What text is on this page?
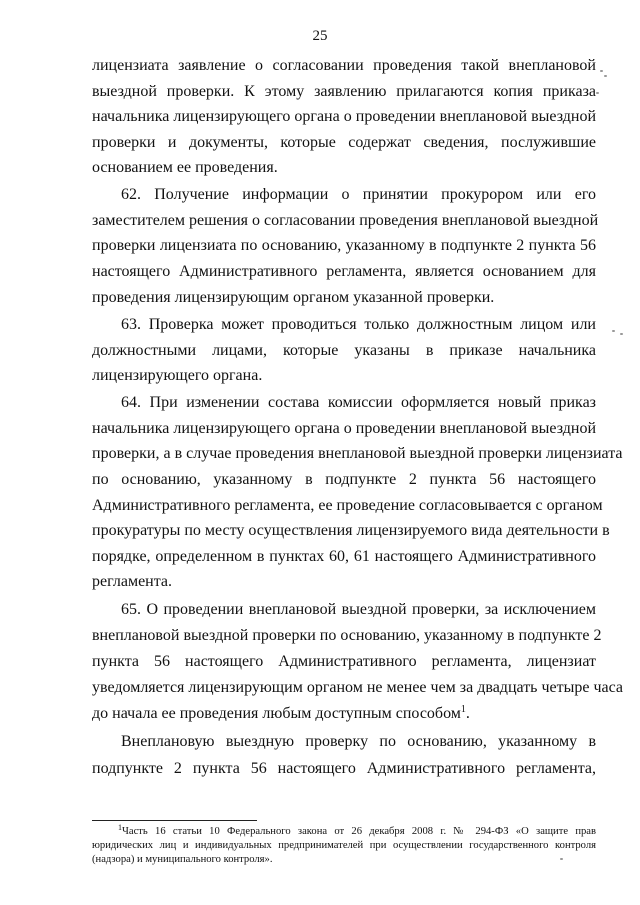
25
лицензиата заявление о согласовании проведения такой внеплановой
выездной проверки. К этому заявлению прилагаются копия приказа
начальника лицензирующего органа о проведении внеплановой выездной
проверки и документы, которые содержат сведения, послужившие
основанием ее проведения.
62. Получение информации о принятии прокурором или его
заместителем решения о согласовании проведения внеплановой выездной
проверки лицензиата по основанию, указанному в подпункте 2 пункта 56
настоящего Административного регламента, является основанием для
проведения лицензирующим органом указанной проверки.
63. Проверка может проводиться только должностным лицом или
должностными лицами, которые указаны в приказе начальника
лицензирующего органа.
64. При изменении состава комиссии оформляется новый приказ
начальника лицензирующего органа о проведении внеплановой выездной
проверки, а в случае проведения внеплановой выездной проверки лицензиата
по основанию, указанному в подпункте 2 пункта 56 настоящего
Административного регламента, ее проведение согласовывается с органом
прокуратуры по месту осуществления лицензируемого вида деятельности в
порядке, определенном в пунктах 60, 61 настоящего Административного
регламента.
65. О проведении внеплановой выездной проверки, за исключением
внеплановой выездной проверки по основанию, указанному в подпункте 2
пункта 56 настоящего Административного регламента, лицензиат
уведомляется лицензирующим органом не менее чем за двадцать четыре часа
до начала ее проведения любым доступным способом$^1$.
Внеплановую выездную проверку по основанию, указанному в
подпункте 2 пункта 56 настоящего Административного регламента,
$^1$Часть 16 статьи 10 Федерального закона от 26 декабря 2008 г. № 294-ФЗ «О защите прав
юридических лиц и индивидуальных предпринимателей при осуществлении государственного контроля
(надзора) и муниципального контроля».
